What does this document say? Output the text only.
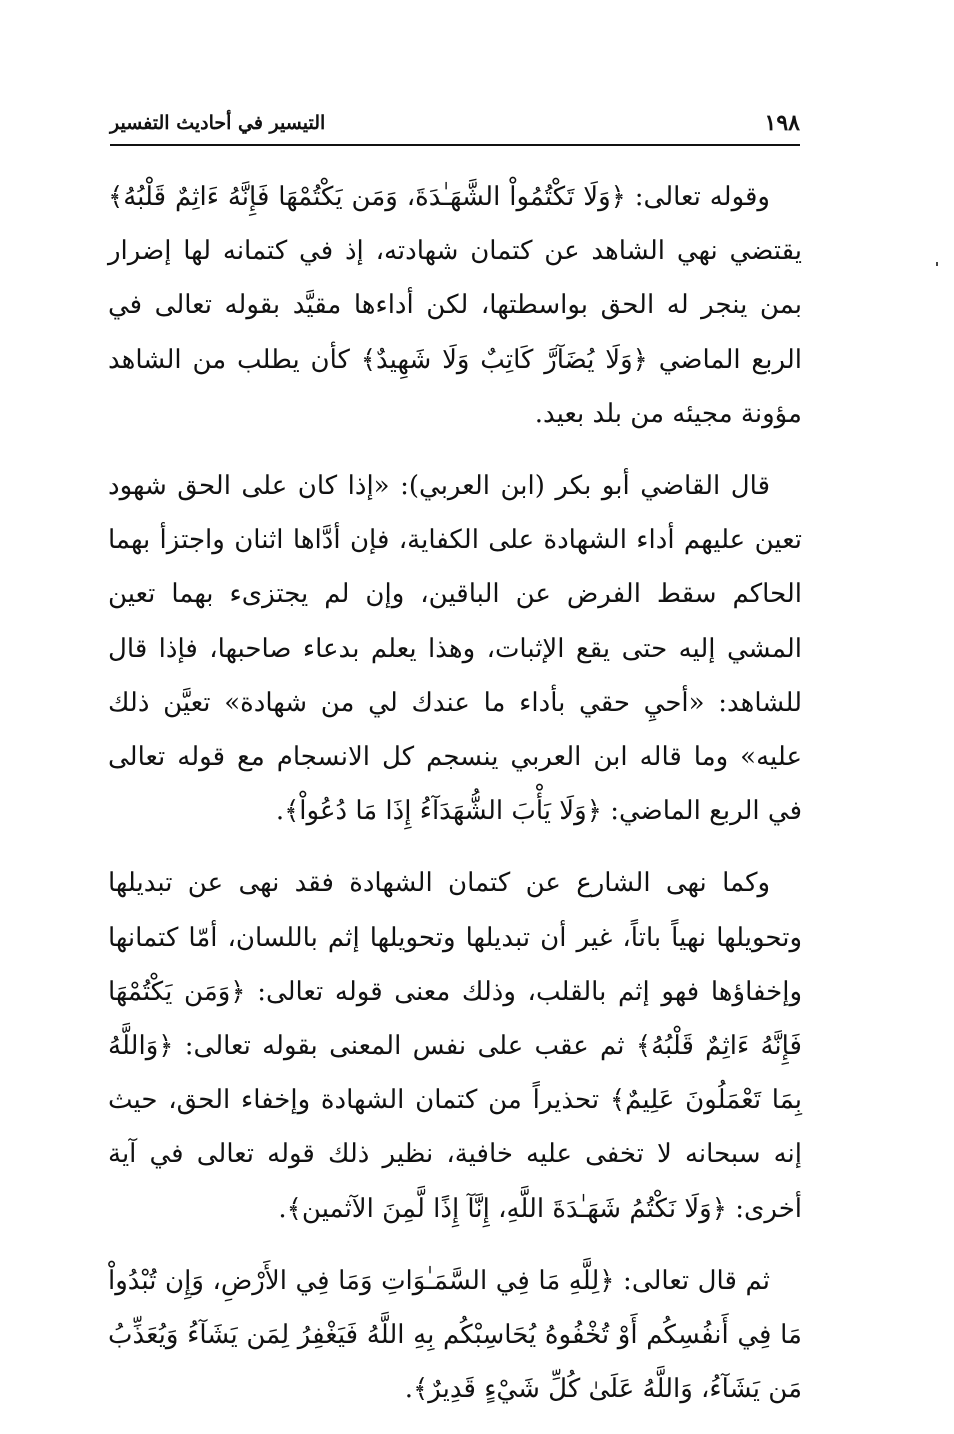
١٩٨
التيسير في أحاديث التفسير

وقوله تعالى: ﴿وَلَا تَكْتُمُواْ الشَّهَـٰدَةَ، وَمَن يَكْتُمْهَا فَإِنَّهُ ءَاثِمٌ قَلْبُهُ﴾ يقتضي نهي الشاهد عن كتمان شهادته، إذ في كتمانه لها إضرار بمن ينجر له الحق بواسطتها، لكن أداءها مقيَّد بقوله تعالى في الربع الماضي ﴿وَلَا يُضَآرَّ كَاتِبٌ وَلَا شَهِيدٌ﴾ كأن يطلب من الشاهد مؤونة مجيئه من بلد بعيد.

قال القاضي أبو بكر (ابن العربي): «إذا كان على الحق شهود تعين عليهم أداء الشهادة على الكفاية، فإن أدَّاها اثنان واجتزأ بهما الحاكم سقط الفرض عن الباقين، وإن لم يجتزىء بهما تعين المشي إليه حتى يقع الإثبات، وهذا يعلم بدعاء صاحبها، فإذا قال للشاهد: «أحيِ حقي بأداء ما عندك لي من شهادة» تعيَّن ذلك عليه» وما قاله ابن العربي ينسجم كل الانسجام مع قوله تعالى في الربع الماضي: ﴿وَلَا يَأْبَ الشُّهَدَآءُ إِذَا مَا دُعُواْ﴾.

وكما نهى الشارع عن كتمان الشهادة فقد نهى عن تبديلها وتحويلها نهياً باتاً، غير أن تبديلها وتحويلها إثم باللسان، أمّا كتمانها وإخفاؤها فهو إثم بالقلب، وذلك معنى قوله تعالى: ﴿وَمَن يَكْتُمْهَا فَإِنَّهُ ءَاثِمٌ قَلْبُهُ﴾ ثم عقب على نفس المعنى بقوله تعالى: ﴿وَاللَّهُ بِمَا تَعْمَلُونَ عَلِيمٌ﴾ تحذيراً من كتمان الشهادة وإخفاء الحق، حيث إنه سبحانه لا تخفى عليه خافية، نظير ذلك قوله تعالى في آية أخرى: ﴿وَلَا نَكْتُمُ شَهَـٰدَةَ اللَّهِ، إِنَّآ إِذًا لَّمِنَ الآثمين﴾.

ثم قال تعالى: ﴿لِلَّهِ مَا فِي السَّمَـٰوَاتِ وَمَا فِي الأَرْضِ، وَإِن تُبْدُواْ مَا فِي أَنفُسِكُم أَوْ تُخْفُوهُ يُحَاسِبْكُم بِهِ اللَّهُ فَيَغْفِرُ لِمَن يَشَآءُ وَيُعَذِّبُ مَن يَشَآءُ، وَاللَّهُ عَلَىٰ كُلِّ شَيْءٍ قَدِيرٌ﴾.
